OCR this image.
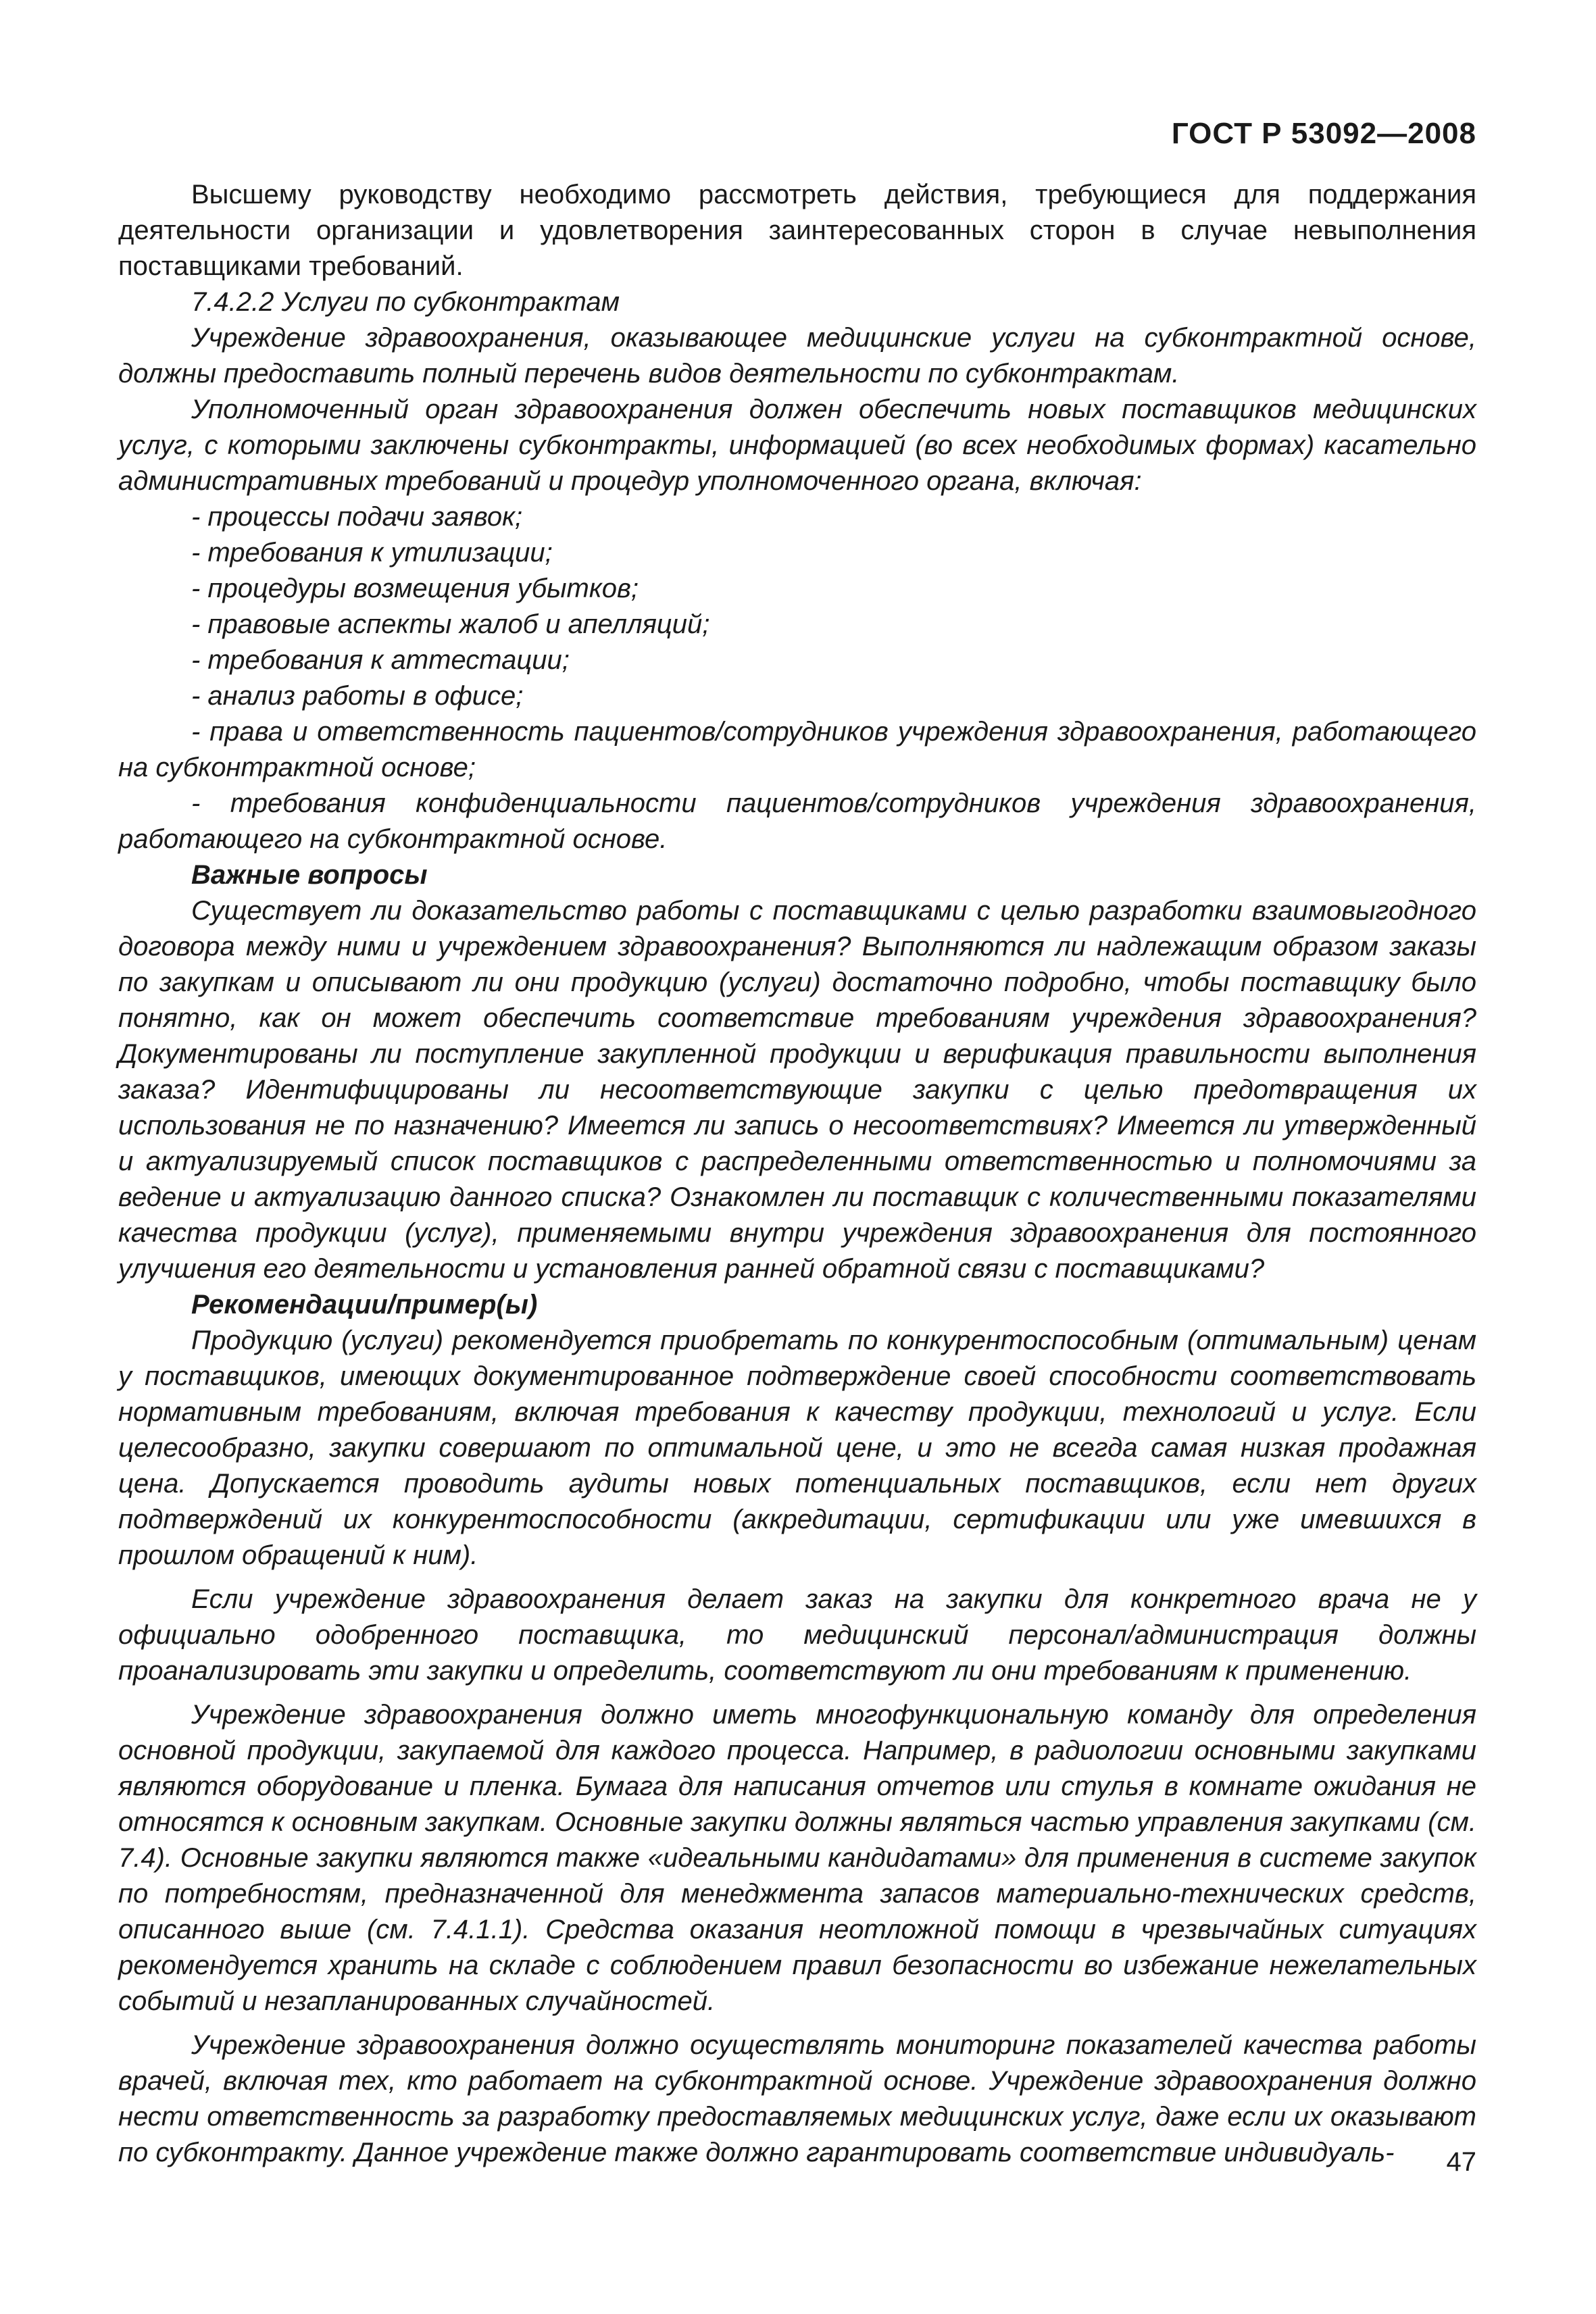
ГОСТ Р 53092—2008

Высшему руководству необходимо рассмотреть действия, требующиеся для поддержания деятельности организации и удовлетворения заинтересованных сторон в случае невыполнения поставщиками требований.

7.4.2.2 Услуги по субконтрактам

Учреждение здравоохранения, оказывающее медицинские услуги на субконтрактной основе, должны предоставить полный перечень видов деятельности по субконтрактам.

Уполномоченный орган здравоохранения должен обеспечить новых поставщиков медицинских услуг, с которыми заключены субконтракты, информацией (во всех необходимых формах) касательно административных требований и процедур уполномоченного органа, включая:

- процессы подачи заявок;

- требования к утилизации;

- процедуры возмещения убытков;

- правовые аспекты жалоб и апелляций;

- требования к аттестации;

- анализ работы в офисе;

- права и ответственность пациентов/сотрудников учреждения здравоохранения, работающего на субконтрактной основе;

- требования конфиденциальности пациентов/сотрудников учреждения здравоохранения, работающего на субконтрактной основе.

Важные вопросы

Существует ли доказательство работы с поставщиками с целью разработки взаимовыгодного договора между ними и учреждением здравоохранения? Выполняются ли надлежащим образом заказы по закупкам и описывают ли они продукцию (услуги) достаточно подробно, чтобы поставщику было понятно, как он может обеспечить соответствие требованиям учреждения здравоохранения? Документированы ли поступление закупленной продукции и верификация правильности выполнения заказа? Идентифицированы ли несоответствующие закупки с целью предотвращения их использования не по назначению? Имеется ли запись о несоответствиях? Имеется ли утвержденный и актуализируемый список поставщиков с распределенными ответственностью и полномочиями за ведение и актуализацию данного списка? Ознакомлен ли поставщик с количественными показателями качества продукции (услуг), применяемыми внутри учреждения здравоохранения для постоянного улучшения его деятельности и установления ранней обратной связи с поставщиками?

Рекомендации/пример(ы)

Продукцию (услуги) рекомендуется приобретать по конкурентоспособным (оптимальным) ценам у поставщиков, имеющих документированное подтверждение своей способности соответствовать нормативным требованиям, включая требования к качеству продукции, технологий и услуг. Если целесообразно, закупки совершают по оптимальной цене, и это не всегда самая низкая продажная цена. Допускается проводить аудиты новых потенциальных поставщиков, если нет других подтверждений их конкурентоспособности (аккредитации, сертификации или уже имевшихся в прошлом обращений к ним).

Если учреждение здравоохранения делает заказ на закупки для конкретного врача не у официально одобренного поставщика, то медицинский персонал/администрация должны проанализировать эти закупки и определить, соответствуют ли они требованиям к применению.

Учреждение здравоохранения должно иметь многофункциональную команду для определения основной продукции, закупаемой для каждого процесса. Например, в радиологии основными закупками являются оборудование и пленка. Бумага для написания отчетов или стулья в комнате ожидания не относятся к основным закупкам. Основные закупки должны являться частью управления закупками (см. 7.4). Основные закупки являются также «идеальными кандидатами» для применения в системе закупок по потребностям, предназначенной для менеджмента запасов материально-технических средств, описанного выше (см. 7.4.1.1). Средства оказания неотложной помощи в чрезвычайных ситуациях рекомендуется хранить на складе с соблюдением правил безопасности во избежание нежелательных событий и незапланированных случайностей.

Учреждение здравоохранения должно осуществлять мониторинг показателей качества работы врачей, включая тех, кто работает на субконтрактной основе. Учреждение здравоохранения должно нести ответственность за разработку предоставляемых медицинских услуг, даже если их оказывают по субконтракту. Данное учреждение также должно гарантировать соответствие индивидуаль-	47
